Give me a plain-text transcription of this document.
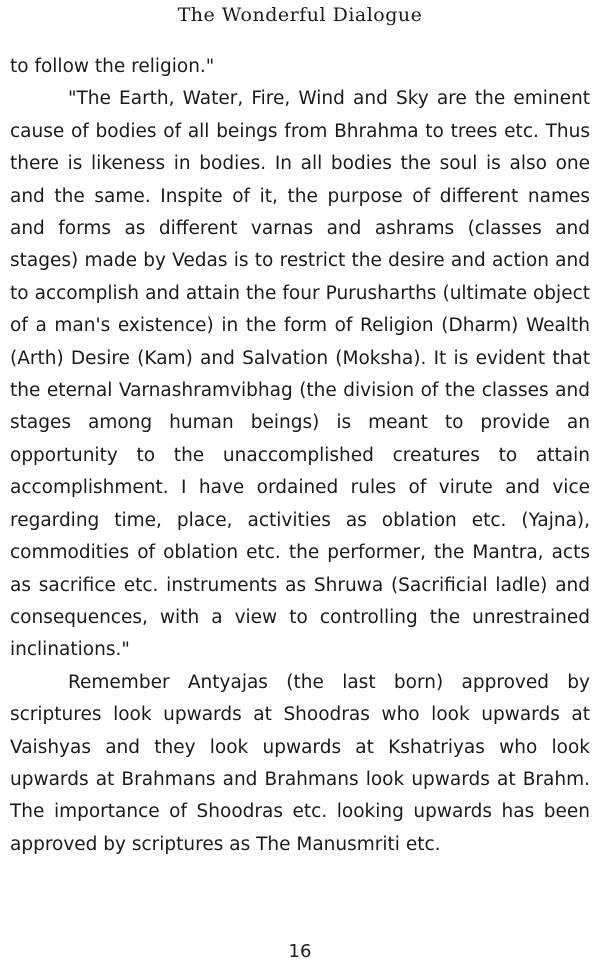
The Wonderful Dialogue

to follow the religion."

"The Earth, Water, Fire, Wind and Sky are the eminent cause of bodies of all beings from Bhrahma to trees etc. Thus there is likeness in bodies. In all bodies the soul is also one and the same. Inspite of it, the purpose of different names and forms as different varnas and ashrams (classes and stages) made by Vedas is to restrict the desire and action and to accomplish and attain the four Purusharths (ultimate object of a man's existence) in the form of Religion (Dharm) Wealth (Arth) Desire (Kam) and Salvation (Moksha). It is evident that the eternal Varnashramvibhag (the division of the classes and stages among human beings) is meant to provide an opportunity to the unaccomplished creatures to attain accomplishment. I have ordained rules of virute and vice regarding time, place, activities as oblation etc. (Yajna), commodities of oblation etc. the performer, the Mantra, acts as sacrifice etc. instruments as Shruwa (Sacrificial ladle) and consequences, with a view to controlling the unrestrained inclinations."

Remember Antyajas (the last born) approved by scriptures look upwards at Shoodras who look upwards at Vaishyas and they look upwards at Kshatriyas who look upwards at Brahmans and Brahmans look upwards at Brahm. The importance of Shoodras etc. looking upwards has been approved by scriptures as The Manusmriti etc.

16
